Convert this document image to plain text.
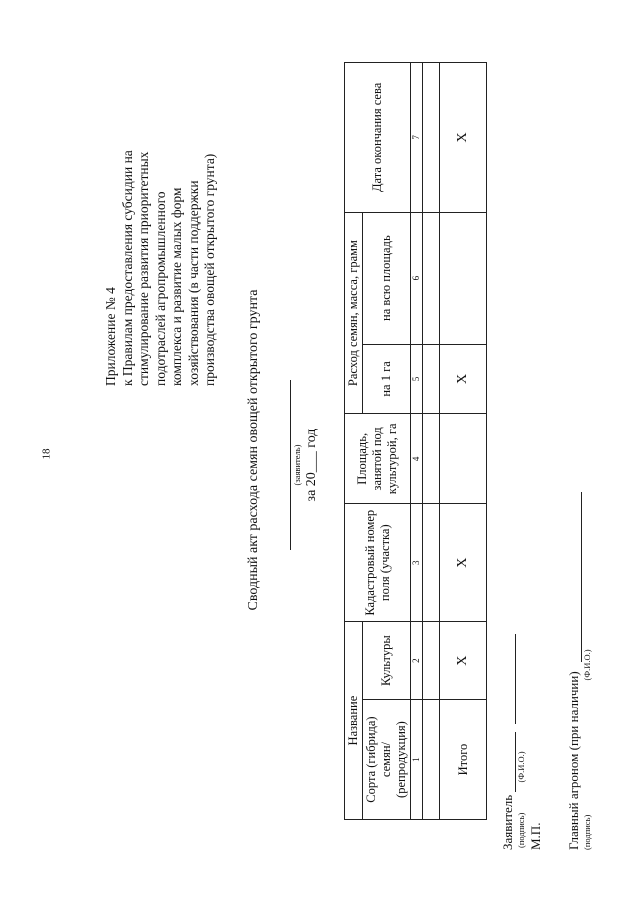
18
Приложение № 4 к Правилам предоставления субсидии на стимулирование развития приоритетных подотраслей агропромышленного комплекса и развитие малых форм хозяйствования (в части поддержки производства овощей открытого грунта)
Сводный акт расхода семян овощей открытого грунта	(заявитель) за 20___ год
Название		Кадастровый номер поля (участка)	Площадь, занятой под культурой, га	Расход семян, масса, грамм		Дата окончания сева
Сорта (гибрида) семян/ (репродукция)	Культуры			на 1 га	на всю площадь	
1	2	3	4	5	6	7

Итого	X	X		X		X
Заявитель (подпись)  (Ф.И.О.)
М.П. Главный агроном (при наличии) (подпись)  (Ф.И.О.)
